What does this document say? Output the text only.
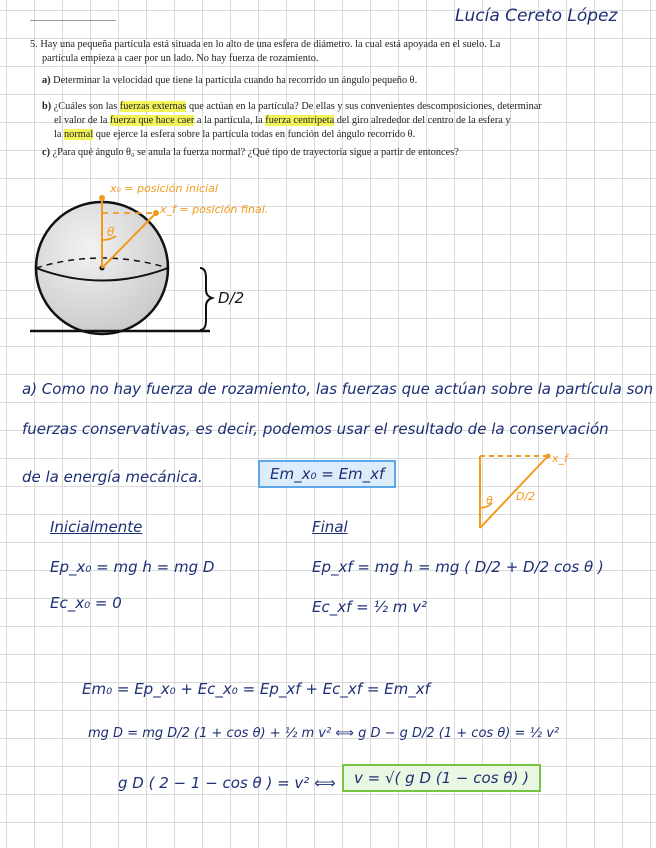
Lucía Cereto López
5. Hay una pequeña partícula está situada en lo alto de una esfera de diámetro. la cual está apoyada en el suelo. La
partícula empieza a caer por un lado. No hay fuerza de rozamiento.
a) Determinar la velocidad que tiene la partícula cuando ha recorrido un ángulo pequeño θ.
b) ¿Cuáles son las fuerzas externas que actúan en la partícula? De ellas y sus convenientes descomposiciones, determinar
el valor de la fuerza que hace caer a la partícula, la fuerza centrípeta del giro alrededor del centro de la esfera y
la normal que ejerce la esfera sobre la partícula todas en función del ángulo recorrido θ.
c) ¿Para qué ángulo θ₀ se anula la fuerza normal? ¿Qué tipo de trayectoria sigue a partir de entonces?
x₀ = posición inicial
x_f = posición final.
θ
D/2
a) Como no hay fuerza de rozamiento, las fuerzas que actúan sobre la partícula son
fuerzas conservativas, es decir, podemos usar el resultado de la conservación
de la energía mecánica.	Em_x₀ = Em_xf
x_f
θ D/2
Inicialmente	Final
Ep_x₀ = mg h = mg D
Ec_x₀ = 0
Ep_xf = mg h = mg ( D/2 + D/2 cos θ )
Ec_xf = ½ m v²
Em₀ = Ep_x₀ + Ec_x₀ = Ep_xf + Ec_xf = Em_xf
mg D = mg D/2 (1 + cos θ) + ½ m v² ⟺ g D − g D/2 (1 + cos θ) = ½ v²
g D ( 2 − 1 − cos θ ) = v² ⟺	v = √( g D (1 − cos θ) )
